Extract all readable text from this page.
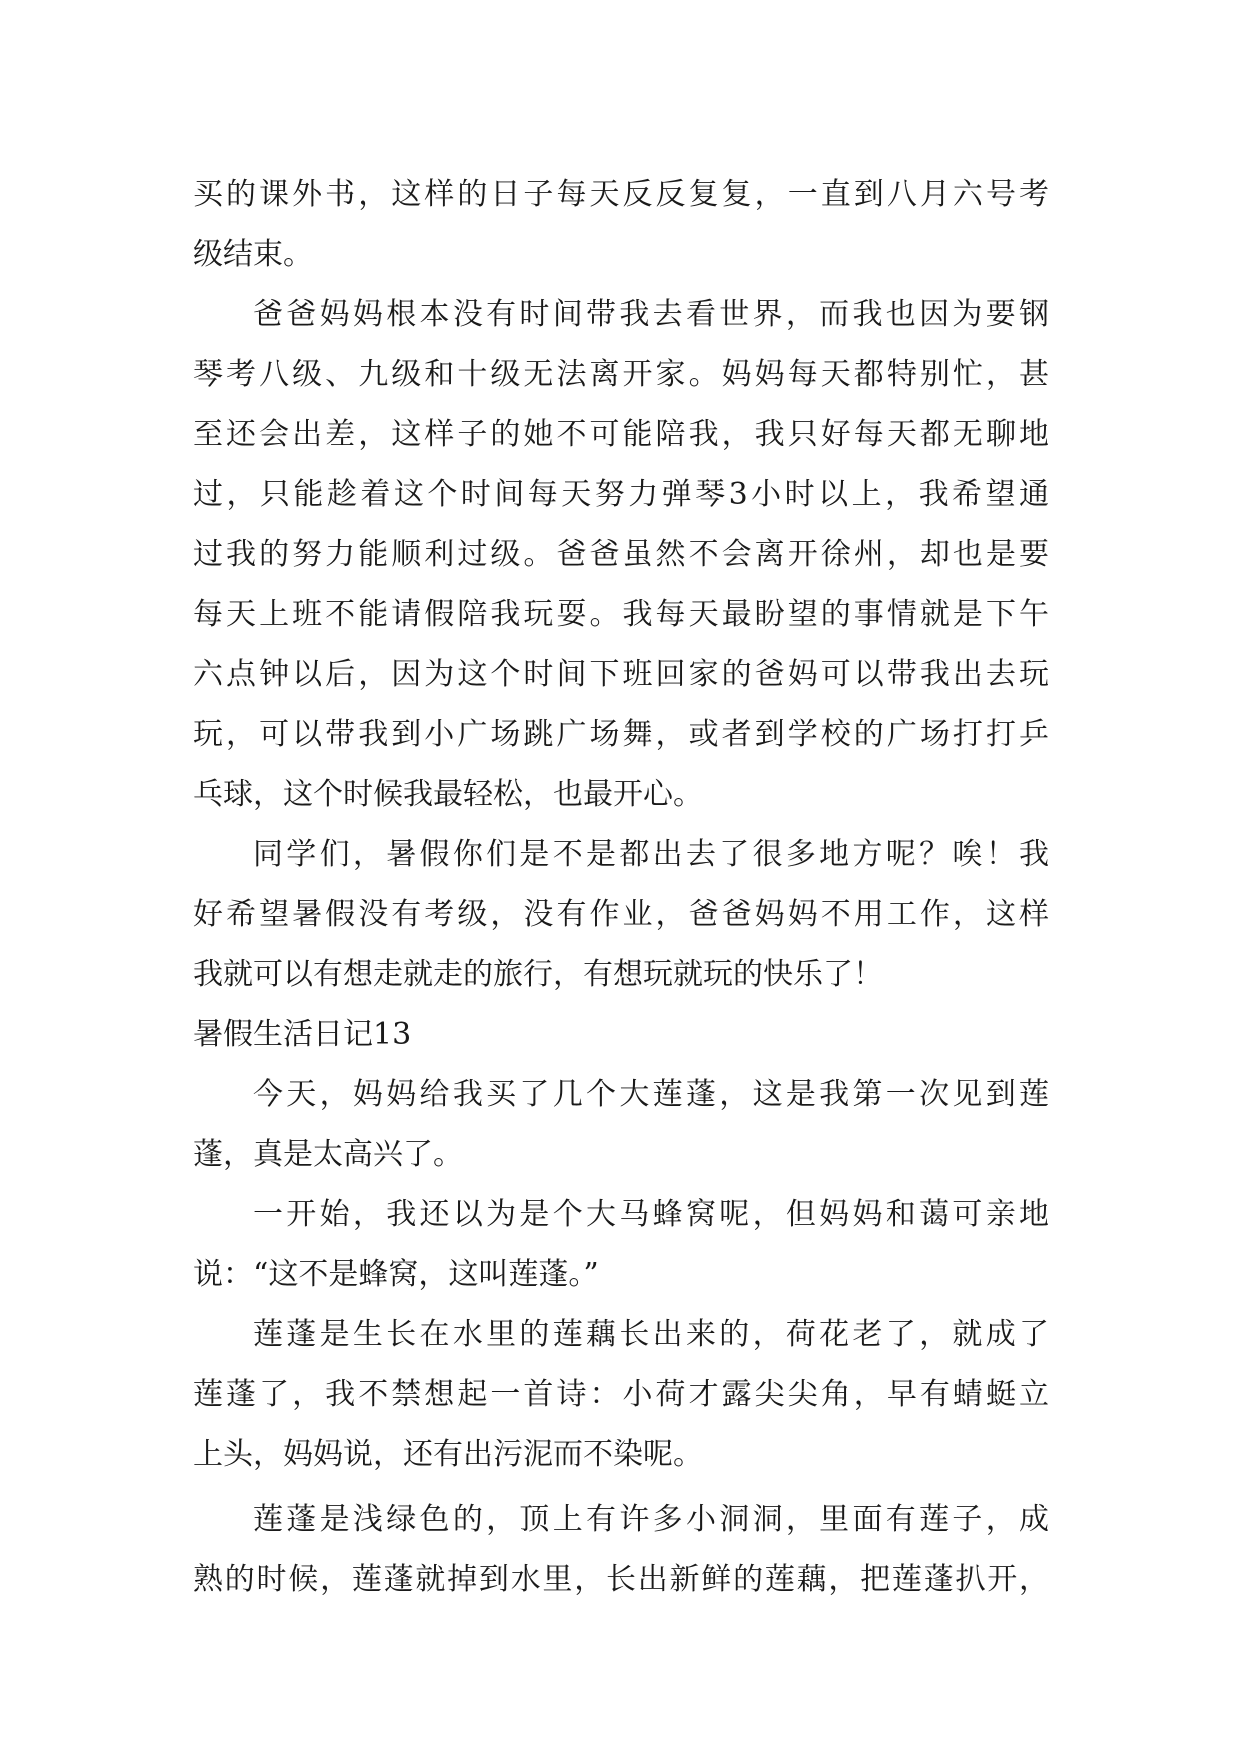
买的课外书，这样的日子每天反反复复，一直到八月六号考
级结束。
爸爸妈妈根本没有时间带我去看世界，而我也因为要钢
琴考八级、九级和十级无法离开家。妈妈每天都特别忙，甚
至还会出差，这样子的她不可能陪我，我只好每天都无聊地
过，只能趁着这个时间每天努力弹琴3小时以上，我希望通
过我的努力能顺利过级。爸爸虽然不会离开徐州，却也是要
每天上班不能请假陪我玩耍。我每天最盼望的事情就是下午
六点钟以后，因为这个时间下班回家的爸妈可以带我出去玩
玩，可以带我到小广场跳广场舞，或者到学校的广场打打乒
乓球，这个时候我最轻松，也最开心。
同学们，暑假你们是不是都出去了很多地方呢？唉！我
好希望暑假没有考级，没有作业，爸爸妈妈不用工作，这样
我就可以有想走就走的旅行，有想玩就玩的快乐了！
暑假生活日记13
今天，妈妈给我买了几个大莲蓬，这是我第一次见到莲
蓬，真是太高兴了。
一开始，我还以为是个大马蜂窝呢，但妈妈和蔼可亲地
说：“这不是蜂窝，这叫莲蓬。”
莲蓬是生长在水里的莲藕长出来的，荷花老了，就成了
莲蓬了，我不禁想起一首诗：小荷才露尖尖角，早有蜻蜓立
上头，妈妈说，还有出污泥而不染呢。
莲蓬是浅绿色的，顶上有许多小洞洞，里面有莲子，成
熟的时候，莲蓬就掉到水里，长出新鲜的莲藕，把莲蓬扒开，
